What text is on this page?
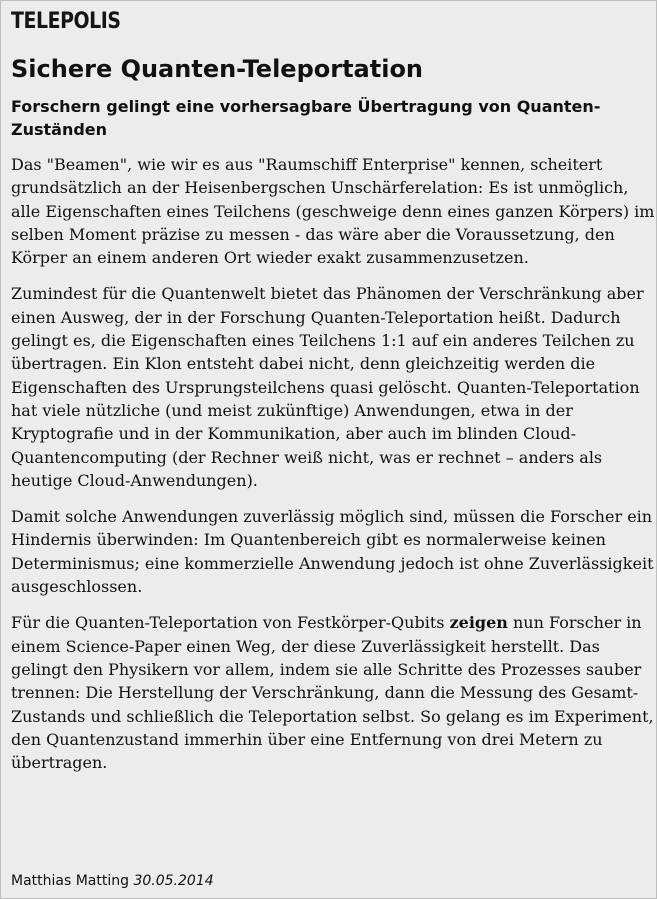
TELEPOLIS
Sichere Quanten-Teleportation
Forschern gelingt eine vorhersagbare Übertragung von Quanten-Zuständen

Das "Beamen", wie wir es aus "Raumschiff Enterprise" kennen, scheitert grundsätzlich an der Heisenbergschen Unschärferelation: Es ist unmöglich, alle Eigenschaften eines Teilchens (geschweige denn eines ganzen Körpers) im selben Moment präzise zu messen - das wäre aber die Voraussetzung, den Körper an einem anderen Ort wieder exakt zusammenzusetzen.

Zumindest für die Quantenwelt bietet das Phänomen der Verschränkung aber einen Ausweg, der in der Forschung Quanten-Teleportation heißt. Dadurch gelingt es, die Eigenschaften eines Teilchens 1:1 auf ein anderes Teilchen zu übertragen. Ein Klon entsteht dabei nicht, denn gleichzeitig werden die Eigenschaften des Ursprungsteilchens quasi gelöscht. Quanten-Teleportation hat viele nützliche (und meist zukünftige) Anwendungen, etwa in der Kryptografie und in der Kommunikation, aber auch im blinden Cloud-Quantencomputing (der Rechner weiß nicht, was er rechnet – anders als heutige Cloud-Anwendungen).

Damit solche Anwendungen zuverlässig möglich sind, müssen die Forscher ein Hindernis überwinden: Im Quantenbereich gibt es normalerweise keinen Determinismus; eine kommerzielle Anwendung jedoch ist ohne Zuverlässigkeit ausgeschlossen.

Für die Quanten-Teleportation von Festkörper-Qubits zeigen nun Forscher in einem Science-Paper einen Weg, der diese Zuverlässigkeit herstellt. Das gelingt den Physikern vor allem, indem sie alle Schritte des Prozesses sauber trennen: Die Herstellung der Verschränkung, dann die Messung des Gesamt-Zustands und schließlich die Teleportation selbst. So gelang es im Experiment, den Quantenzustand immerhin über eine Entfernung von drei Metern zu übertragen.

Matthias Matting 30.05.2014
